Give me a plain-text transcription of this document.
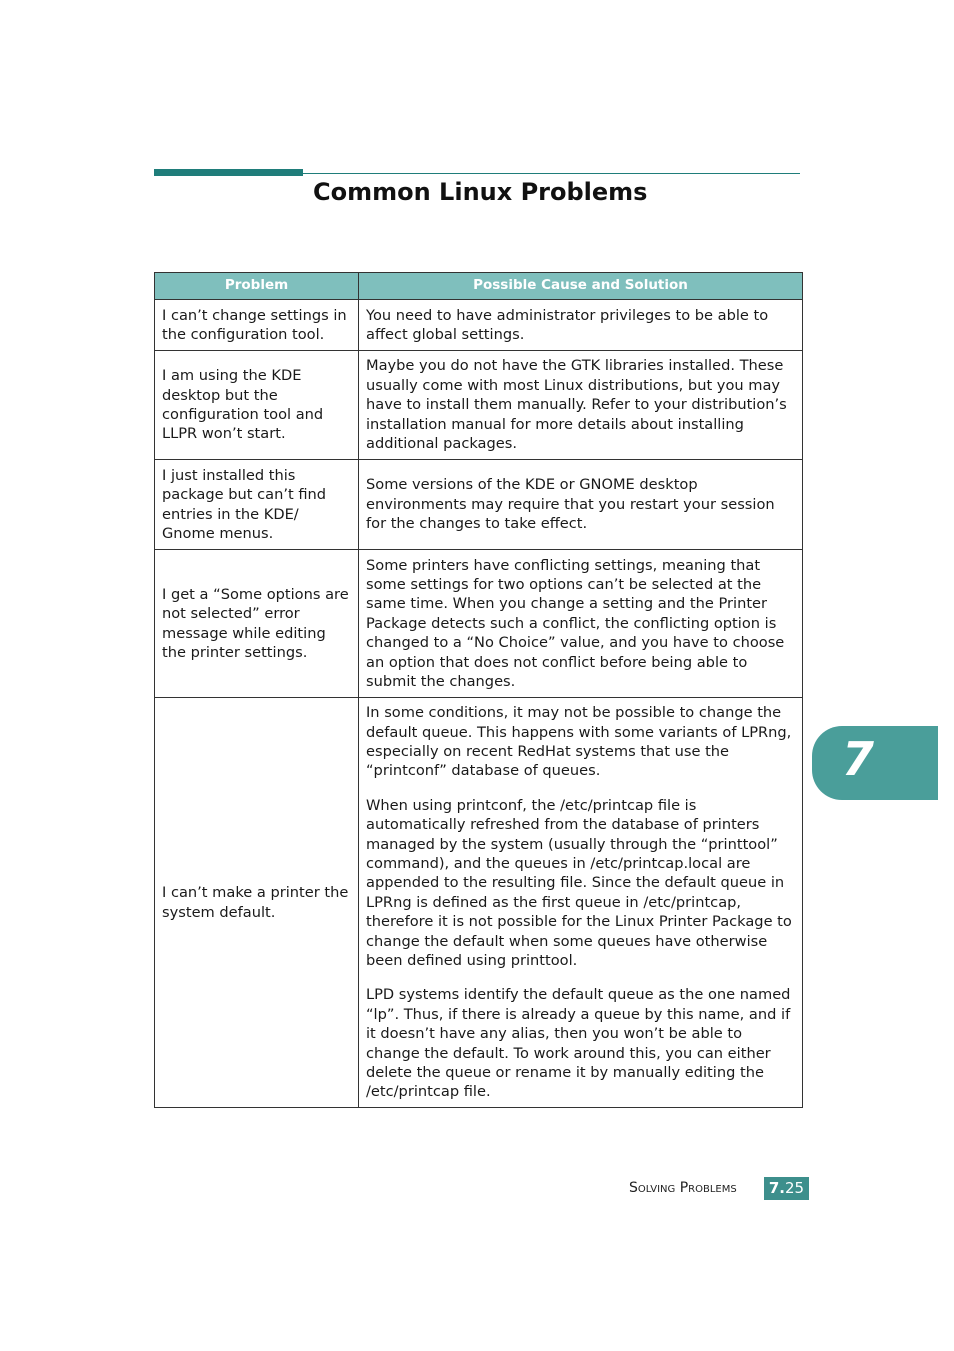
Common Linux Problems
Problem	Possible Cause and Solution
I can’t change settings in the configuration tool.	You need to have administrator privileges to be able to affect global settings.

I am using the KDE desktop but the configuration tool and LLPR won’t start.	Maybe you do not have the GTK libraries installed. These usually come with most Linux distributions, but you may have to install them manually. Refer to your distribution’s installation manual for more details about installing additional packages.

I just installed this package but can’t find entries in the KDE/ Gnome menus.	Some versions of the KDE or GNOME desktop environments may require that you restart your session for the changes to take effect.

I get a “Some options are not selected” error message while editing the printer settings.	Some printers have conflicting settings, meaning that some settings for two options can’t be selected at the same time. When you change a setting and the Printer Package detects such a conflict, the conflicting option is changed to a “No Choice” value, and you have to choose an option that does not conflict before being able to submit the changes.

I can’t make a printer the system default.	In some conditions, it may not be possible to change the default queue. This happens with some variants of LPRng, especially on recent RedHat systems that use the “printconf” database of queues.

When using printconf, the /etc/printcap file is automatically refreshed from the database of printers managed by the system (usually through the “printtool” command), and the queues in /etc/printcap.local are appended to the resulting file. Since the default queue in LPRng is defined as the first queue in /etc/printcap, therefore it is not possible for the Linux Printer Package to change the default when some queues have otherwise been defined using printtool.

LPD systems identify the default queue as the one named “lp”. Thus, if there is already a queue by this name, and if it doesn’t have any alias, then you won’t be able to change the default. To work around this, you can either delete the queue or rename it by manually editing the /etc/printcap file.

7
Solving Problems	7.25
